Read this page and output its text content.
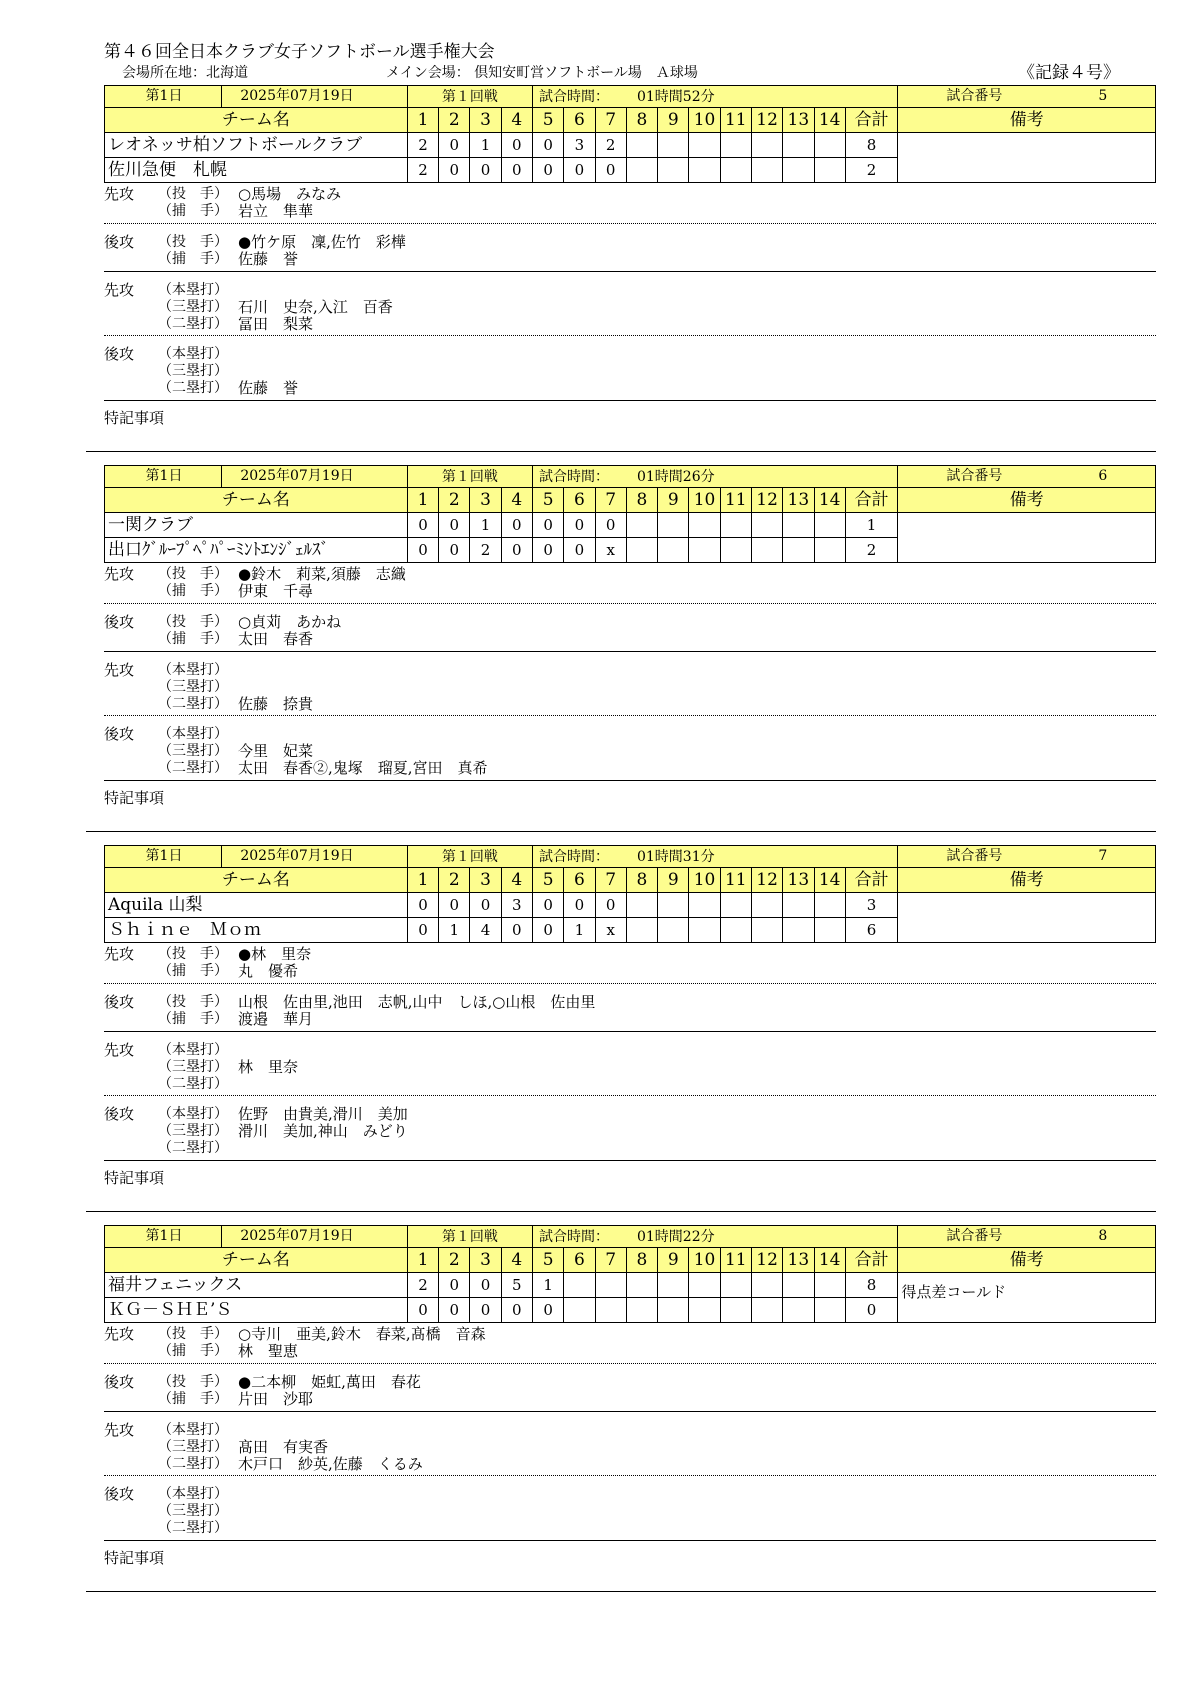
第４６回全日本クラブ女子ソフトボール選手権大会
会場所在地：北海道	メイン会場： 倶知安町営ソフトボール場　Ａ球場	《記録４号》
第1日 2025年07月19日	第１回戦				試合時間： 01時間52分											試合番号 5

チーム名	1	2	3	4	5	6	7	8	9	10	11	12	13	14	合計	備考
レオネッサ柏ソフトボールクラブ	2	0	1	0	0	3	2								8	
佐川急便　札幌	2	0	0	0	0	0	0								2	
先攻 （投　手） ○馬場　みなみ
（捕　手） 岩立　隼華
後攻 （投　手） ●竹ケ原　凜,佐竹　彩樺
（捕　手） 佐藤　誉
先攻 （本塁打）
（三塁打） 石川　史奈,入江　百香
（二塁打） 冨田　梨菜
後攻 （本塁打）
（三塁打）
（二塁打） 佐藤　誉
特記事項
第1日 2025年07月19日	第１回戦				試合時間： 01時間26分											試合番号 6

チーム名	1	2	3	4	5	6	7	8	9	10	11	12	13	14	合計	備考
一関クラブ	0	0	1	0	0	0	0								1	
出口ｸﾞﾙｰﾌﾟﾍﾟﾊﾟｰﾐﾝﾄｴﾝｼﾞｪﾙｽﾞ	0	0	2	0	0	0	x								2	
先攻 （投　手） ●鈴木　莉菜,須藤　志織
（捕　手） 伊東　千尋
後攻 （投　手） ○貞苅　あかね
（捕　手） 太田　春香
先攻 （本塁打）
（三塁打）
（二塁打） 佐藤　捺貴
後攻 （本塁打）
（三塁打） 今里　妃菜
（二塁打） 太田　春香②,鬼塚　瑠夏,宮田　真希
特記事項
第1日 2025年07月19日	第１回戦				試合時間： 01時間31分											試合番号 7

チーム名	1	2	3	4	5	6	7	8	9	10	11	12	13	14	合計	備考
Aquila 山梨	0	0	0	3	0	0	0								3	
Ｓｈｉｎｅ　Ｍｏｍ	0	1	4	0	0	1	x								6	
先攻 （投　手） ●林　里奈
（捕　手） 丸　優希
後攻 （投　手） 山根　佐由里,池田　志帆,山中　しほ,○山根　佐由里
（捕　手） 渡邉　華月
先攻 （本塁打）
（三塁打） 林　里奈
（二塁打）
後攻 （本塁打） 佐野　由貴美,滑川　美加
（三塁打） 滑川　美加,神山　みどり
（二塁打）
特記事項
第1日 2025年07月19日	第１回戦				試合時間： 01時間22分											試合番号 8

チーム名	1	2	3	4	5	6	7	8	9	10	11	12	13	14	合計	備考
福井フェニックス	2	0	0	5	1										8	得点差コールド
ＫＧ－ＳＨＥ’Ｓ	0	0	0	0	0										0	
先攻 （投　手） ○寺川　亜美,鈴木　春菜,髙橋　音森
（捕　手） 林　聖恵
後攻 （投　手） ●二本柳　姫虹,萬田　春花
（捕　手） 片田　沙耶
先攻 （本塁打）
（三塁打） 髙田　有実香
（二塁打） 木戸口　紗英,佐藤　くるみ
後攻 （本塁打）
（三塁打）
（二塁打）
特記事項
